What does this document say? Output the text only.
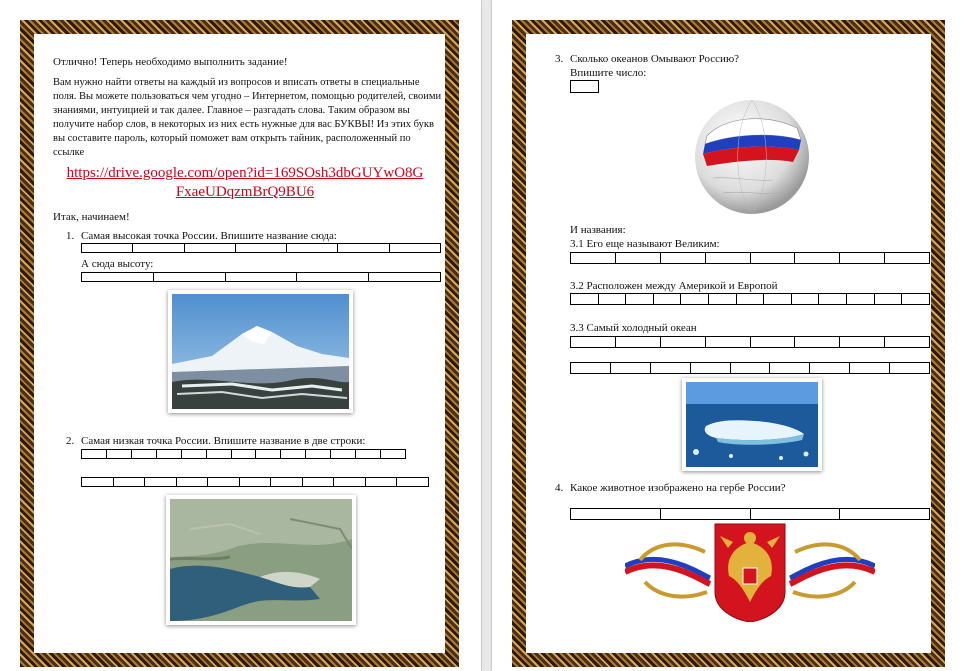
Отлично! Теперь необходимо выполнить задание!

Вам нужно найти ответы на каждый из вопросов и вписать ответы в специальные поля. Вы можете пользоваться чем угодно – Интернетом, помощью родителей, своими знаниями, интуицией и так далее. Главное – разгадать слова. Таким образом вы получите набор слов, в некоторых из них есть нужные для вас БУКВЫ! Из этих букв вы составите пароль, который поможет вам открыть тайник, расположенный по ссылке

https://drive.google.com/open?id=169SOsh3dbGUYwO8G
FxaeUDqzmBrQ9BU6
Итак, начинаем!
1. Самая высокая точка России. Впишите название сюда:
А сюда высоту:
2. Самая низкая точка России. Впишите название в две строки:
3. Сколько океанов Омывают Россию?
Впишите число:
И названия:
3.1 Его еще называют Великим:
3.2 Расположен между Америкой и Европой
3.3 Самый холодный океан
4. Какое животное изображено на гербе России?
